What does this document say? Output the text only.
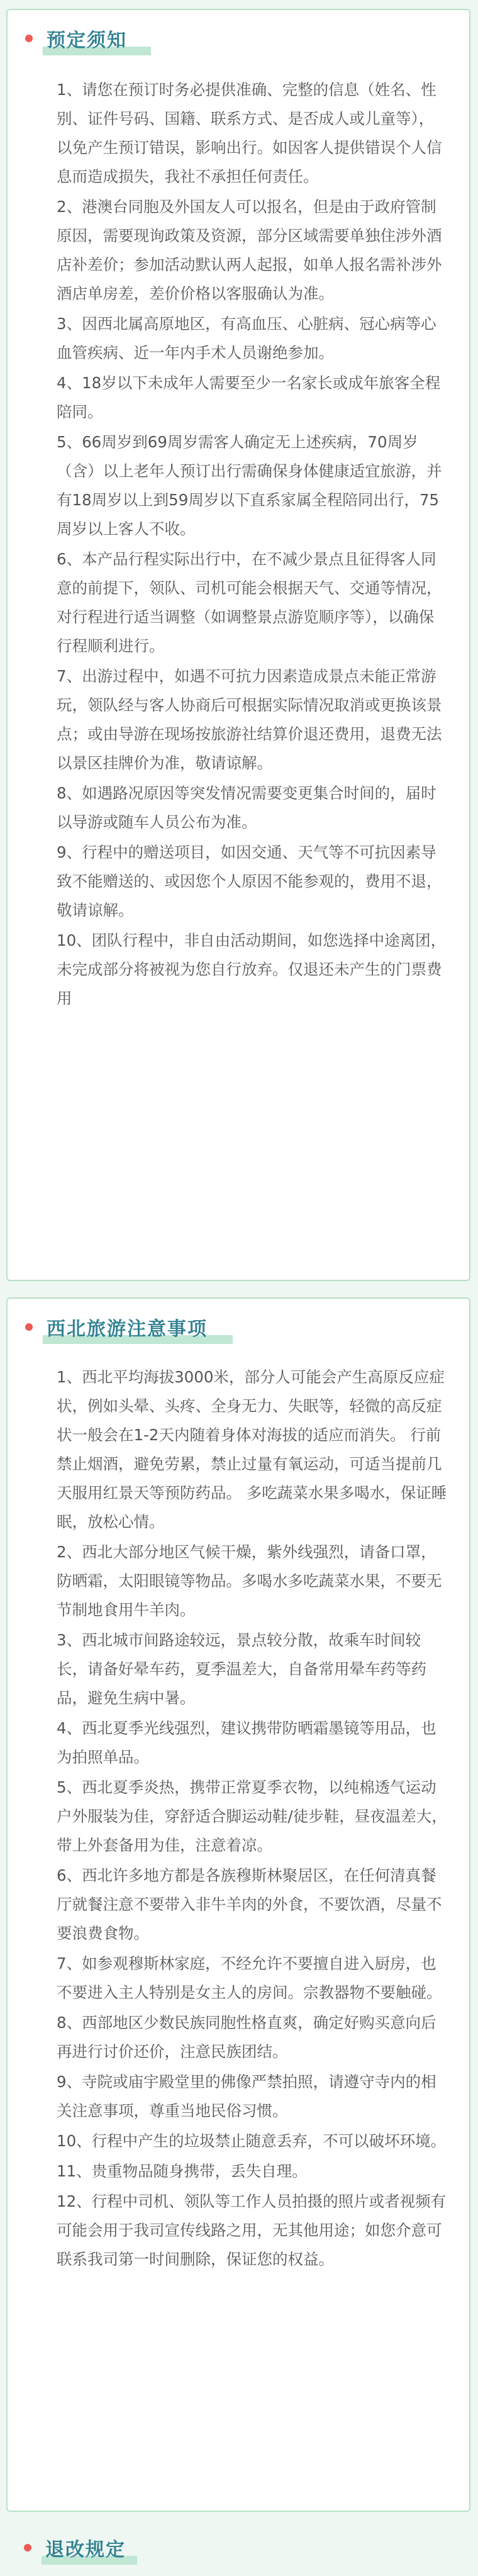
预定须知

1、请您在预订时务必提供准确、完整的信息（姓名、性别、证件号码、国籍、联系方式、是否成人或儿童等），以免产生预订错误，影响出行。如因客人提供错误个人信息而造成损失，我社不承担任何责任。

2、港澳台同胞及外国友人可以报名，但是由于政府管制原因，需要现询政策及资源，部分区域需要单独住涉外酒店补差价；参加活动默认两人起报，如单人报名需补涉外酒店单房差，差价价格以客服确认为准。

3、因西北属高原地区，有高血压、心脏病、冠心病等心血管疾病、近一年内手术人员谢绝参加。

4、18岁以下未成年人需要至少一名家长或成年旅客全程陪同。

5、66周岁到69周岁需客人确定无上述疾病，70周岁（含）以上老年人预订出行需确保身体健康适宜旅游，并有18周岁以上到59周岁以下直系家属全程陪同出行，75周岁以上客人不收。

6、本产品行程实际出行中，在不减少景点且征得客人同意的前提下，领队、司机可能会根据天气、交通等情况，对行程进行适当调整（如调整景点游览顺序等），以确保行程顺利进行。

7、出游过程中，如遇不可抗力因素造成景点未能正常游玩，领队经与客人协商后可根据实际情况取消或更换该景点；或由导游在现场按旅游社结算价退还费用，退费无法以景区挂牌价为准，敬请谅解。

8、如遇路况原因等突发情况需要变更集合时间的，届时以导游或随车人员公布为准。

9、行程中的赠送项目，如因交通、天气等不可抗因素导致不能赠送的、或因您个人原因不能参观的，费用不退，敬请谅解。

10、团队行程中，非自由活动期间，如您选择中途离团，未完成部分将被视为您自行放弃。仅退还未产生的门票费用

西北旅游注意事项

1、西北平均海拔3000米，部分人可能会产生高原反应症状，例如头晕、头疼、全身无力、失眠等，轻微的高反症状一般会在1-2天内随着身体对海拔的适应而消失。 行前禁止烟酒，避免劳累，禁止过量有氧运动，可适当提前几天服用红景天等预防药品。 多吃蔬菜水果多喝水，保证睡眠，放松心情。

2、西北大部分地区气候干燥，紫外线强烈，请备口罩，防晒霜，太阳眼镜等物品。多喝水多吃蔬菜水果，不要无节制地食用牛羊肉。

3、西北城市间路途较远，景点较分散，故乘车时间较长，请备好晕车药，夏季温差大，自备常用晕车药等药品，避免生病中暑。

4、西北夏季光线强烈，建议携带防晒霜墨镜等用品，也为拍照单品。

5、西北夏季炎热，携带正常夏季衣物，以纯棉透气运动户外服装为佳，穿舒适合脚运动鞋/徒步鞋，昼夜温差大，带上外套备用为佳，注意着凉。

6、西北许多地方都是各族穆斯林聚居区，在任何清真餐厅就餐注意不要带入非牛羊肉的外食，不要饮酒，尽量不要浪费食物。

7、如参观穆斯林家庭，不经允许不要擅自进入厨房，也不要进入主人特别是女主人的房间。宗教器物不要触碰。

8、西部地区少数民族同胞性格直爽，确定好购买意向后再进行讨价还价，注意民族团结。

9、寺院或庙宇殿堂里的佛像严禁拍照，请遵守寺内的相关注意事项，尊重当地民俗习惯。

10、行程中产生的垃圾禁止随意丢弃，不可以破坏环境。

11、贵重物品随身携带，丢失自理。

12、行程中司机、领队等工作人员拍摄的照片或者视频有可能会用于我司宣传线路之用，无其他用途；如您介意可联系我司第一时间删除，保证您的权益。

退改规定
